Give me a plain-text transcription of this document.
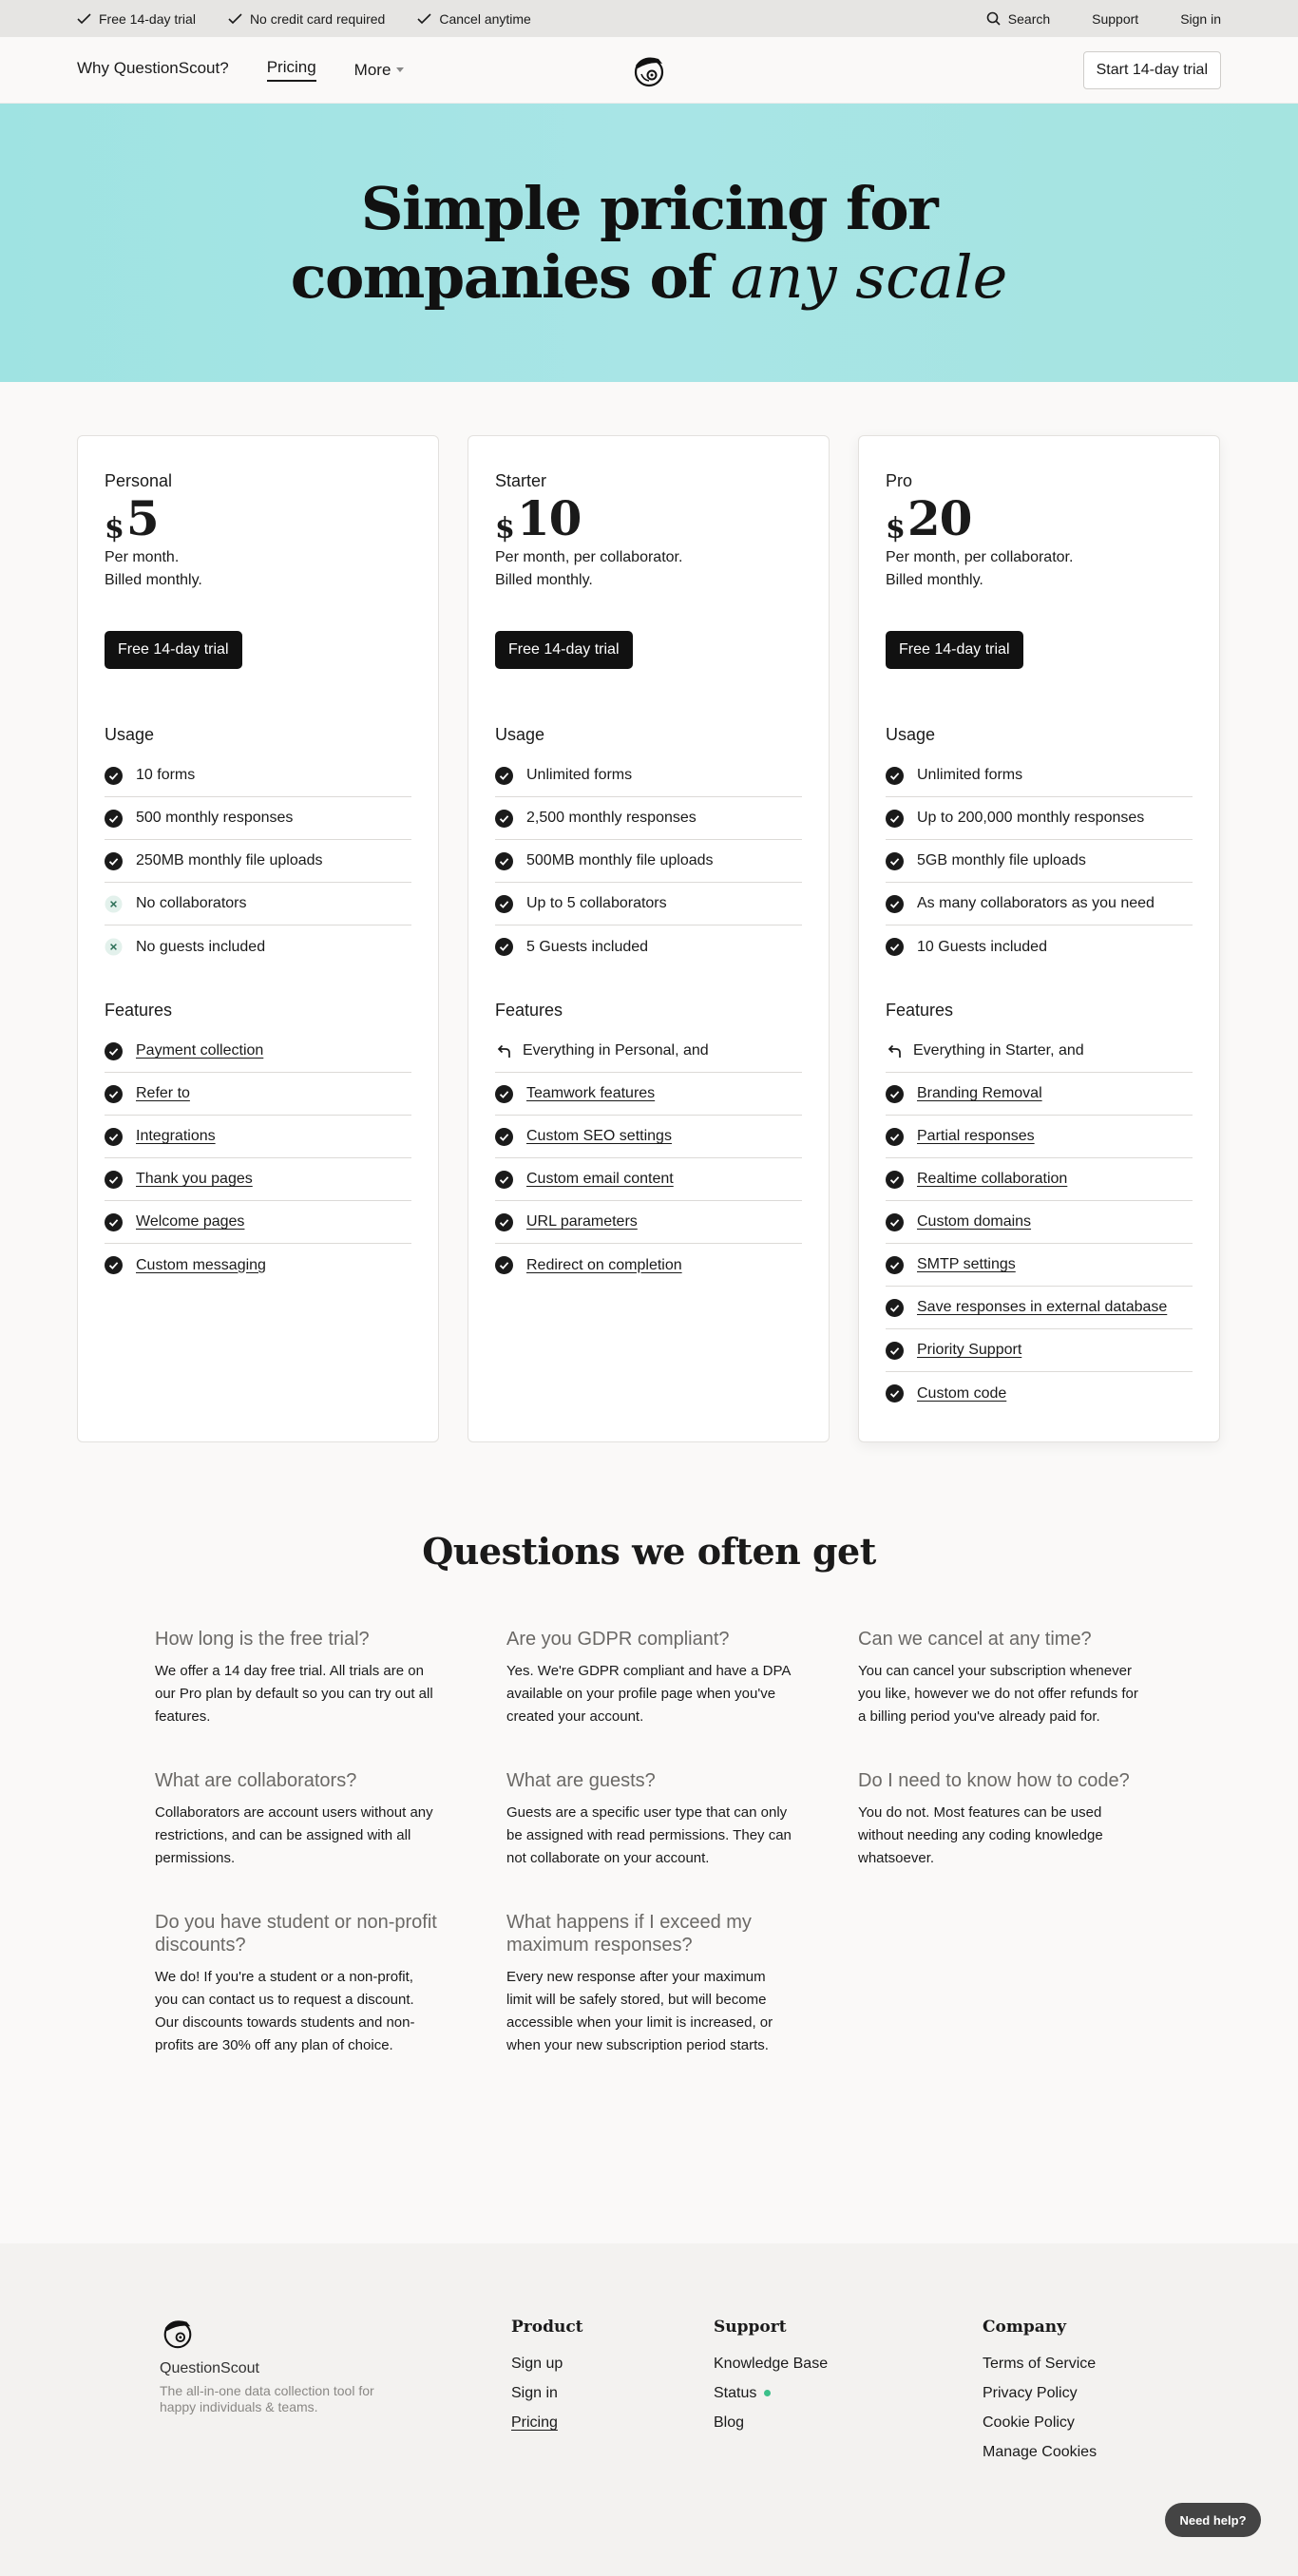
Free 14-day trial	No credit card required	Cancel anytime	Search	Support	Sign in
Why QuestionScout? Pricing More	Start 14-day trial
Simple pricing for
companies of any scale
Personal
$ 5
Per month.
Billed monthly.
Free 14-day trial
Usage
10 forms
500 monthly responses
250MB monthly file uploads
No collaborators
No guests included
Features
Payment collection
Refer to
Integrations
Thank you pages
Welcome pages
Custom messaging
Starter
$ 10
Per month, per collaborator.
Billed monthly.
Free 14-day trial
Usage
Unlimited forms
2,500 monthly responses
500MB monthly file uploads
Up to 5 collaborators
5 Guests included
Features
Everything in Personal, and
Teamwork features
Custom SEO settings
Custom email content
URL parameters
Redirect on completion
Pro
$ 20
Per month, per collaborator.
Billed monthly.
Free 14-day trial
Usage
Unlimited forms
Up to 200,000 monthly responses
5GB monthly file uploads
As many collaborators as you need
10 Guests included
Features
Everything in Starter, and
Branding Removal
Partial responses
Realtime collaboration
Custom domains
SMTP settings
Save responses in external database
Priority Support
Custom code
Questions we often get
How long is the free trial?
We offer a 14 day free trial. All trials are on our Pro plan by default so you can try out all features.
Are you GDPR compliant?
Yes. We're GDPR compliant and have a DPA available on your profile page when you've created your account.
Can we cancel at any time?
You can cancel your subscription whenever you like, however we do not offer refunds for a billing period you've already paid for.
What are collaborators?
Collaborators are account users without any restrictions, and can be assigned with all permissions.
What are guests?
Guests are a specific user type that can only be assigned with read permissions. They can not collaborate on your account.
Do I need to know how to code?
You do not. Most features can be used without needing any coding knowledge whatsoever.
Do you have student or non-profit discounts?
We do! If you're a student or a non-profit, you can contact us to request a discount. Our discounts towards students and non-profits are 30% off any plan of choice.
What happens if I exceed my maximum responses?
Every new response after your maximum limit will be safely stored, but will become accessible when your limit is increased, or when your new subscription period starts.
QuestionScout
The all-in-one data collection tool for happy individuals & teams.
Product
Sign up
Sign in
Pricing
Support
Knowledge Base
Status
Blog
Company
Terms of Service
Privacy Policy
Cookie Policy
Manage Cookies
Need help?
